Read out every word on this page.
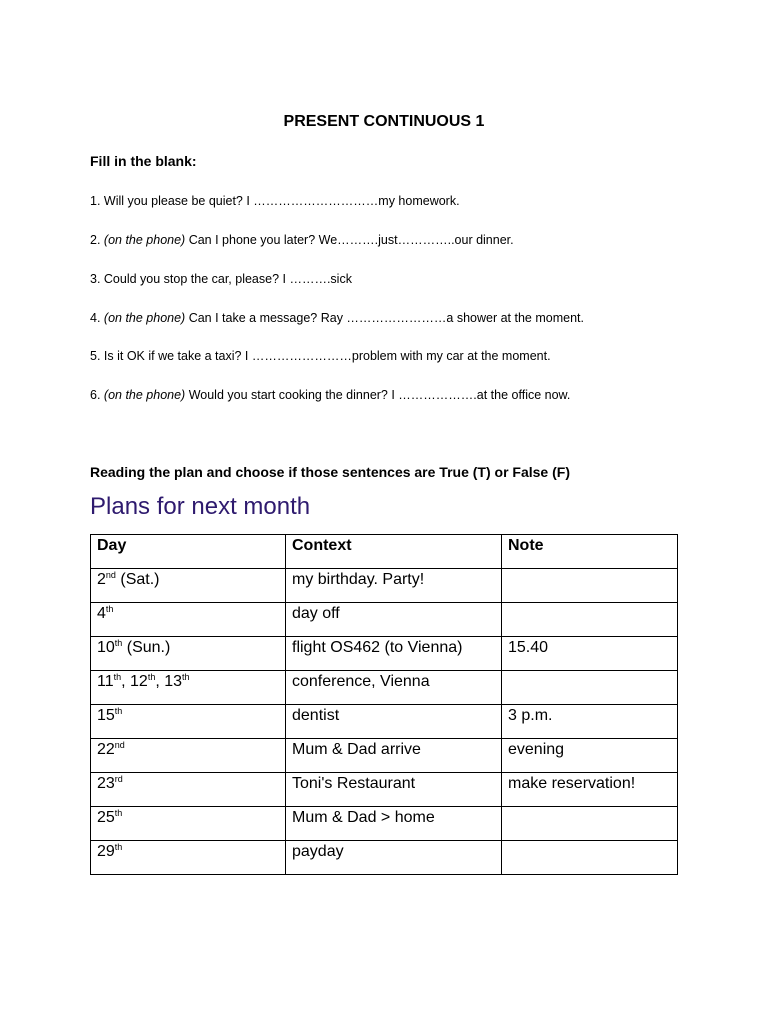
PRESENT CONTINUOUS 1
Fill in the blank:
1. Will you please be quiet? I …………………………my homework.
2. (on the phone) Can I phone you later? We……….just…………..our dinner.
3. Could you stop the car, please? I ……….sick
4. (on the phone) Can I take a message? Ray ……………………a shower at the moment.
5. Is it OK if we take a taxi? I ……………………problem with my car at the moment.
6. (on the phone) Would you start cooking the dinner? I ……………….at the office now.
Reading the plan and choose if those sentences are True (T) or False (F)
Plans for next month
Day	Context	Note
2nd (Sat.)	my birthday. Party!	
4th	day off	
10th (Sun.)	flight OS462 (to Vienna)	15.40
11th, 12th, 13th	conference, Vienna	
15th	dentist	3 p.m.
22nd	Mum & Dad arrive	evening
23rd	Toni's Restaurant	make reservation!
25th	Mum & Dad > home	
29th	payday	
